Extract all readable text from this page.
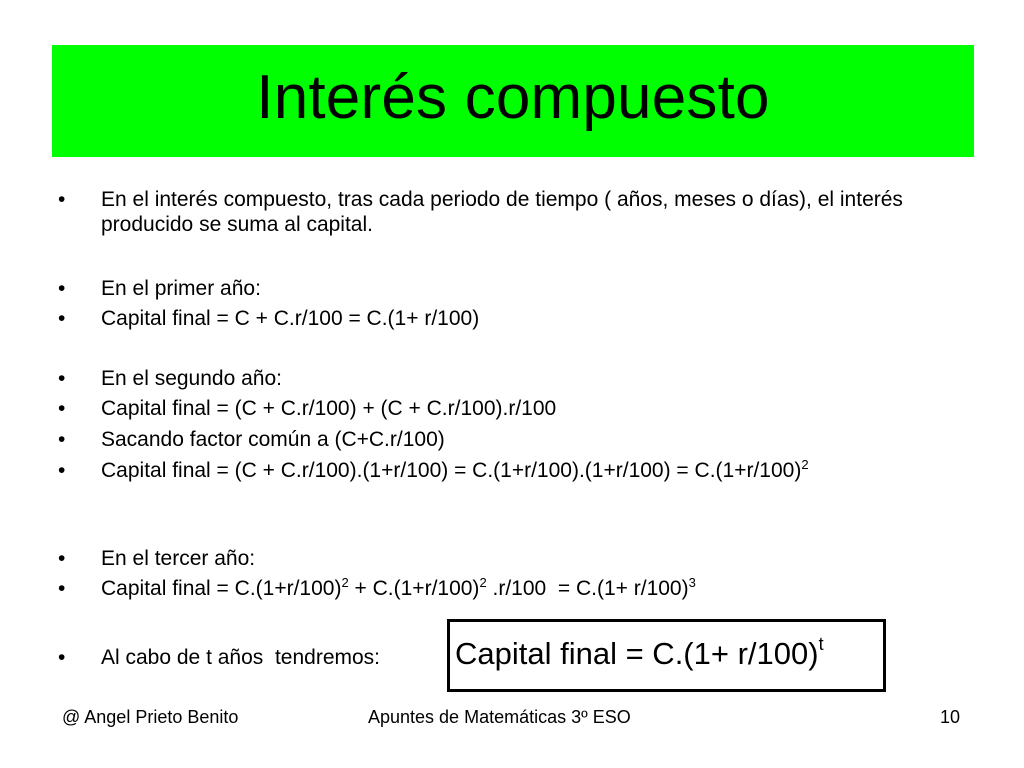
Interés compuesto
• En el interés compuesto, tras cada periodo de tiempo ( años, meses o días), el interés producido se suma al capital.
• En el primer año:
• Capital final = C + C.r/100 = C.(1+ r/100)
• En el segundo año:
• Capital final = (C + C.r/100) + (C + C.r/100).r/100
• Sacando factor común a (C+C.r/100)
• Capital final = $(C + C.r/100).(1+r/100) = C.(1+r/100).(1+r/100) = C.(1+r/100)^2$
• En el tercer año:
• Capital final = $C.(1+r/100)^2 + C.(1+r/100)^2$ $.r/100 = C.(1+ r/100)^3$
• Al cabo de t años  tendremos:	Capital final = $C.(1+ r/100)^t$
@ Angel Prieto Benito	Apuntes de Matemáticas 3º ESO	10
